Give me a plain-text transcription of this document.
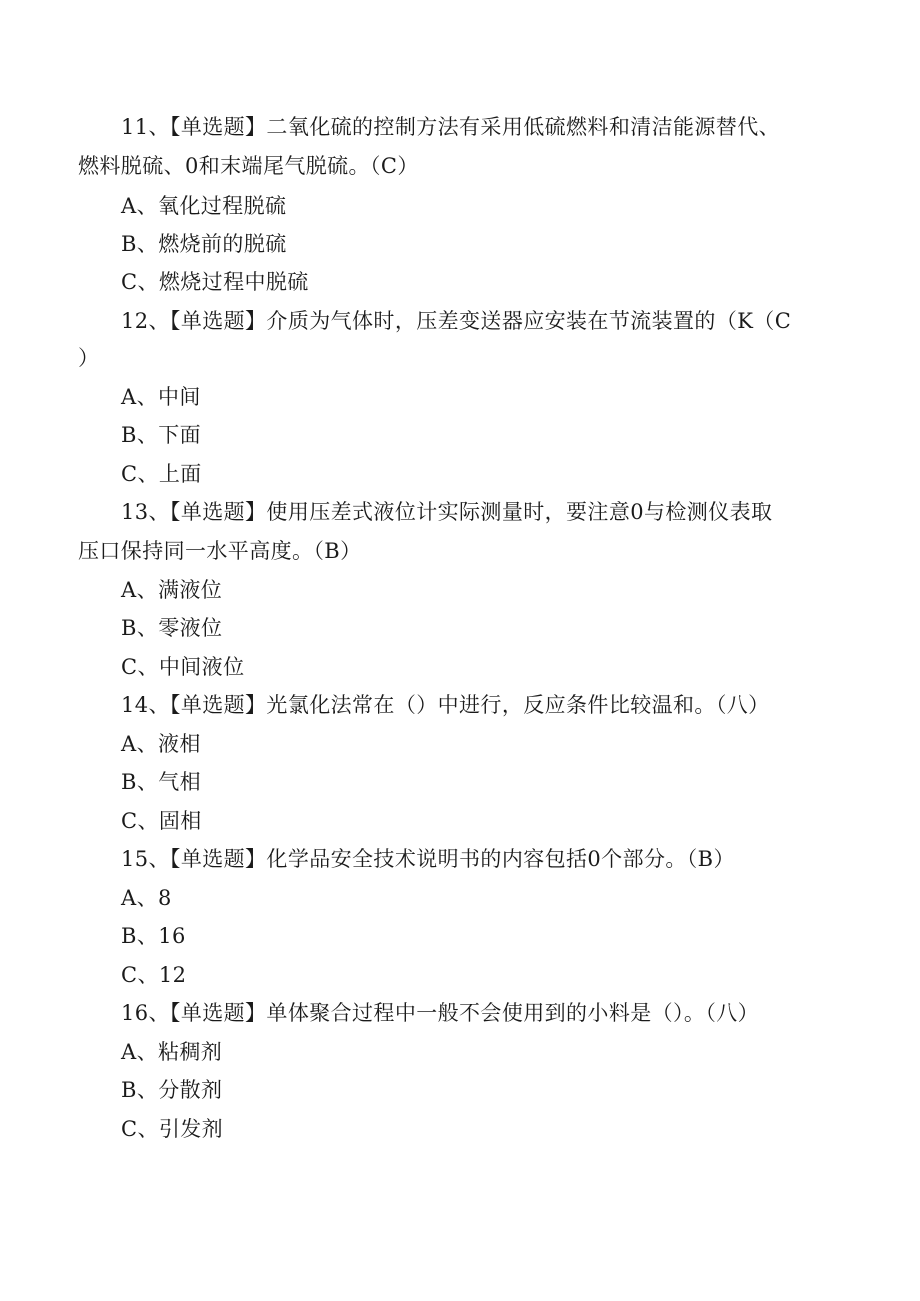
11、【单选题】二氧化硫的控制方法有采用低硫燃料和清洁能源替代、
燃料脱硫、0和末端尾气脱硫。（C）
A、氧化过程脱硫
B、燃烧前的脱硫
C、燃烧过程中脱硫
12、【单选题】介质为气体时，压差变送器应安装在节流装置的（K（C
）
A、中间
B、下面
C、上面
13、【单选题】使用压差式液位计实际测量时，要注意0与检测仪表取
压口保持同一水平高度。（B）
A、满液位
B、零液位
C、中间液位
14、【单选题】光氯化法常在（）中进行，反应条件比较温和。（八）
A、液相
B、气相
C、固相
15、【单选题】化学品安全技术说明书的内容包括0个部分。（B）
A、8
B、16
C、12
16、【单选题】单体聚合过程中一般不会使用到的小料是（）。（八）
A、粘稠剂
B、分散剂
C、引发剂
